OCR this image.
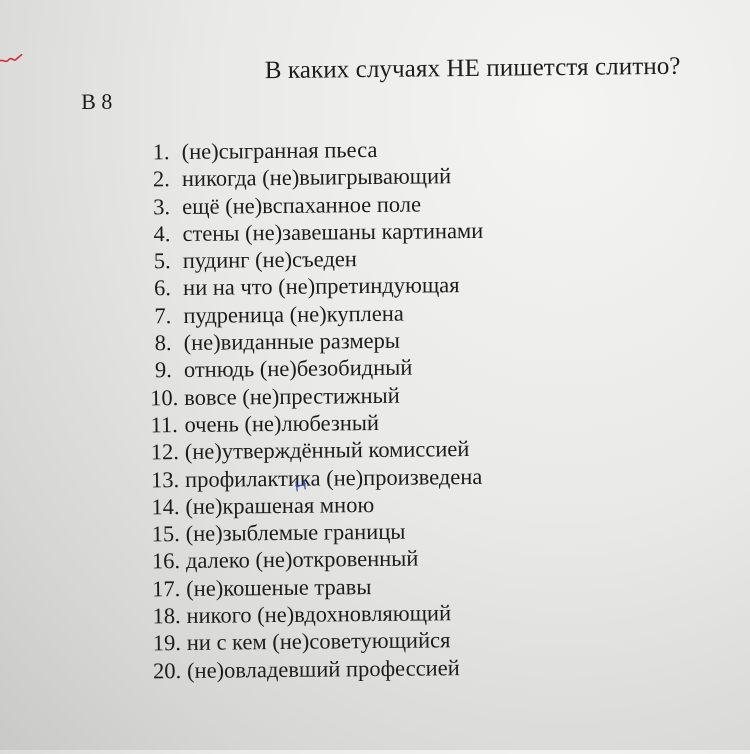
В каких случаях НЕ пишетстя слитно?
В 8
1. (не)сыгранная пьеса
2. никогда (не)выигрывающий
3. ещё (не)вспаханное поле
4. стены (не)завешаны картинами
5. пудинг (не)съеден
6. ни на что (не)претиндующая
7. пудреница (не)куплена
8. (не)виданные размеры
9. отнюдь (не)безобидный
10. вовсе (не)престижный
11. очень (не)любезный
12. (не)утверждённый комиссией
13. профилактика (не)произведена
14. (не)крашеная мною
15. (не)зыблемые границы
16. далеко (не)откровенный
17. (не)кошеные травы
18. никого (не)вдохновляющий
19. ни с кем (не)советующийся
20. (не)овладевший профессией
